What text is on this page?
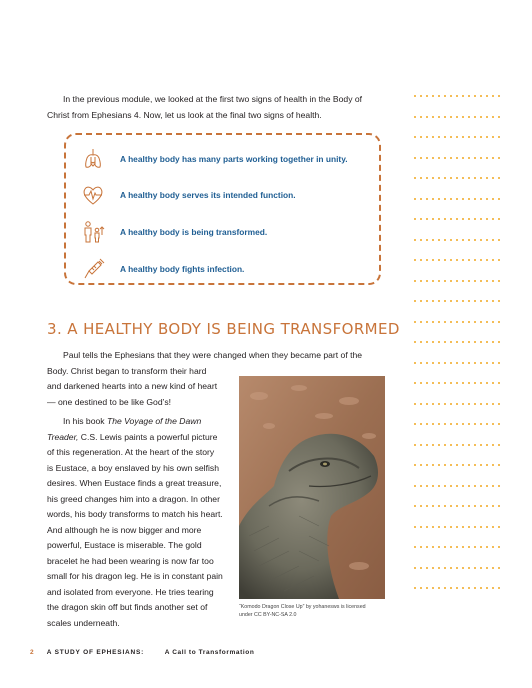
In the previous module, we looked at the first two signs of health in the Body of
Christ from Ephesians 4. Now, let us look at the final two signs of health.

A healthy body has many parts working together in unity.
A healthy body serves its intended function.
A healthy body is being transformed.
A healthy body fights infection.
3. A HEALTHY BODY IS BEING TRANSFORMED

Paul tells the Ephesians that they were changed when they became part of the
Body. Christ began to transform their hard
and darkened hearts into a new kind of heart
— one destined to be like God’s!

In his book The Voyage of the Dawn
Treader, C.S. Lewis paints a powerful picture
of this regeneration. At the heart of the story
is Eustace, a boy enslaved by his own selfish
desires. When Eustace finds a great treasure,
his greed changes him into a dragon. In other
words, his body transforms to match his heart.
And although he is now bigger and more
powerful, Eustace is miserable. The gold
bracelet he had been wearing is now far too
small for his dragon leg. He is in constant pain
and isolated from everyone. He tries tearing
the dragon skin off but finds another set of
scales underneath.

“Komodo Dragon Close Up” by yohanesws is licensed
under CC BY-NC-SA 2.0
2 A STUDY OF EPHESIANS:	A Call to Transformation
